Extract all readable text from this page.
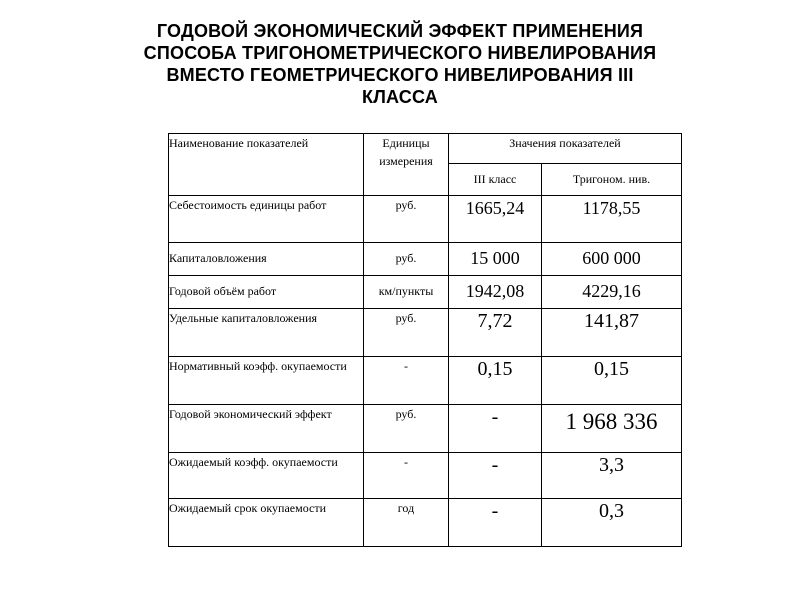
ГОДОВОЙ ЭКОНОМИЧЕСКИЙ ЭФФЕКТ ПРИМЕНЕНИЯ
СПОСОБА ТРИГОНОМЕТРИЧЕСКОГО НИВЕЛИРОВАНИЯ
ВМЕСТО ГЕОМЕТРИЧЕСКОГО НИВЕЛИРОВАНИЯ III
КЛАССА
Наименование показателей	Единицы измерения	Значения показателей	
		III класс	Тригоном. нив.
Себестоимость единицы работ	руб.	1665,24	1178,55
Капиталовложения	руб.	15 000	600 000
Годовой объём работ	км/пункты	1942,08	4229,16
Удельные капиталовложения	руб.	7,72	141,87
Нормативный коэфф. окупаемости	-	0,15	0,15
Годовой экономический эффект	руб.	-	1 968 336
Ожидаемый коэфф. окупаемости	-	-	3,3
Ожидаемый срок окупаемости	год	-	0,3
